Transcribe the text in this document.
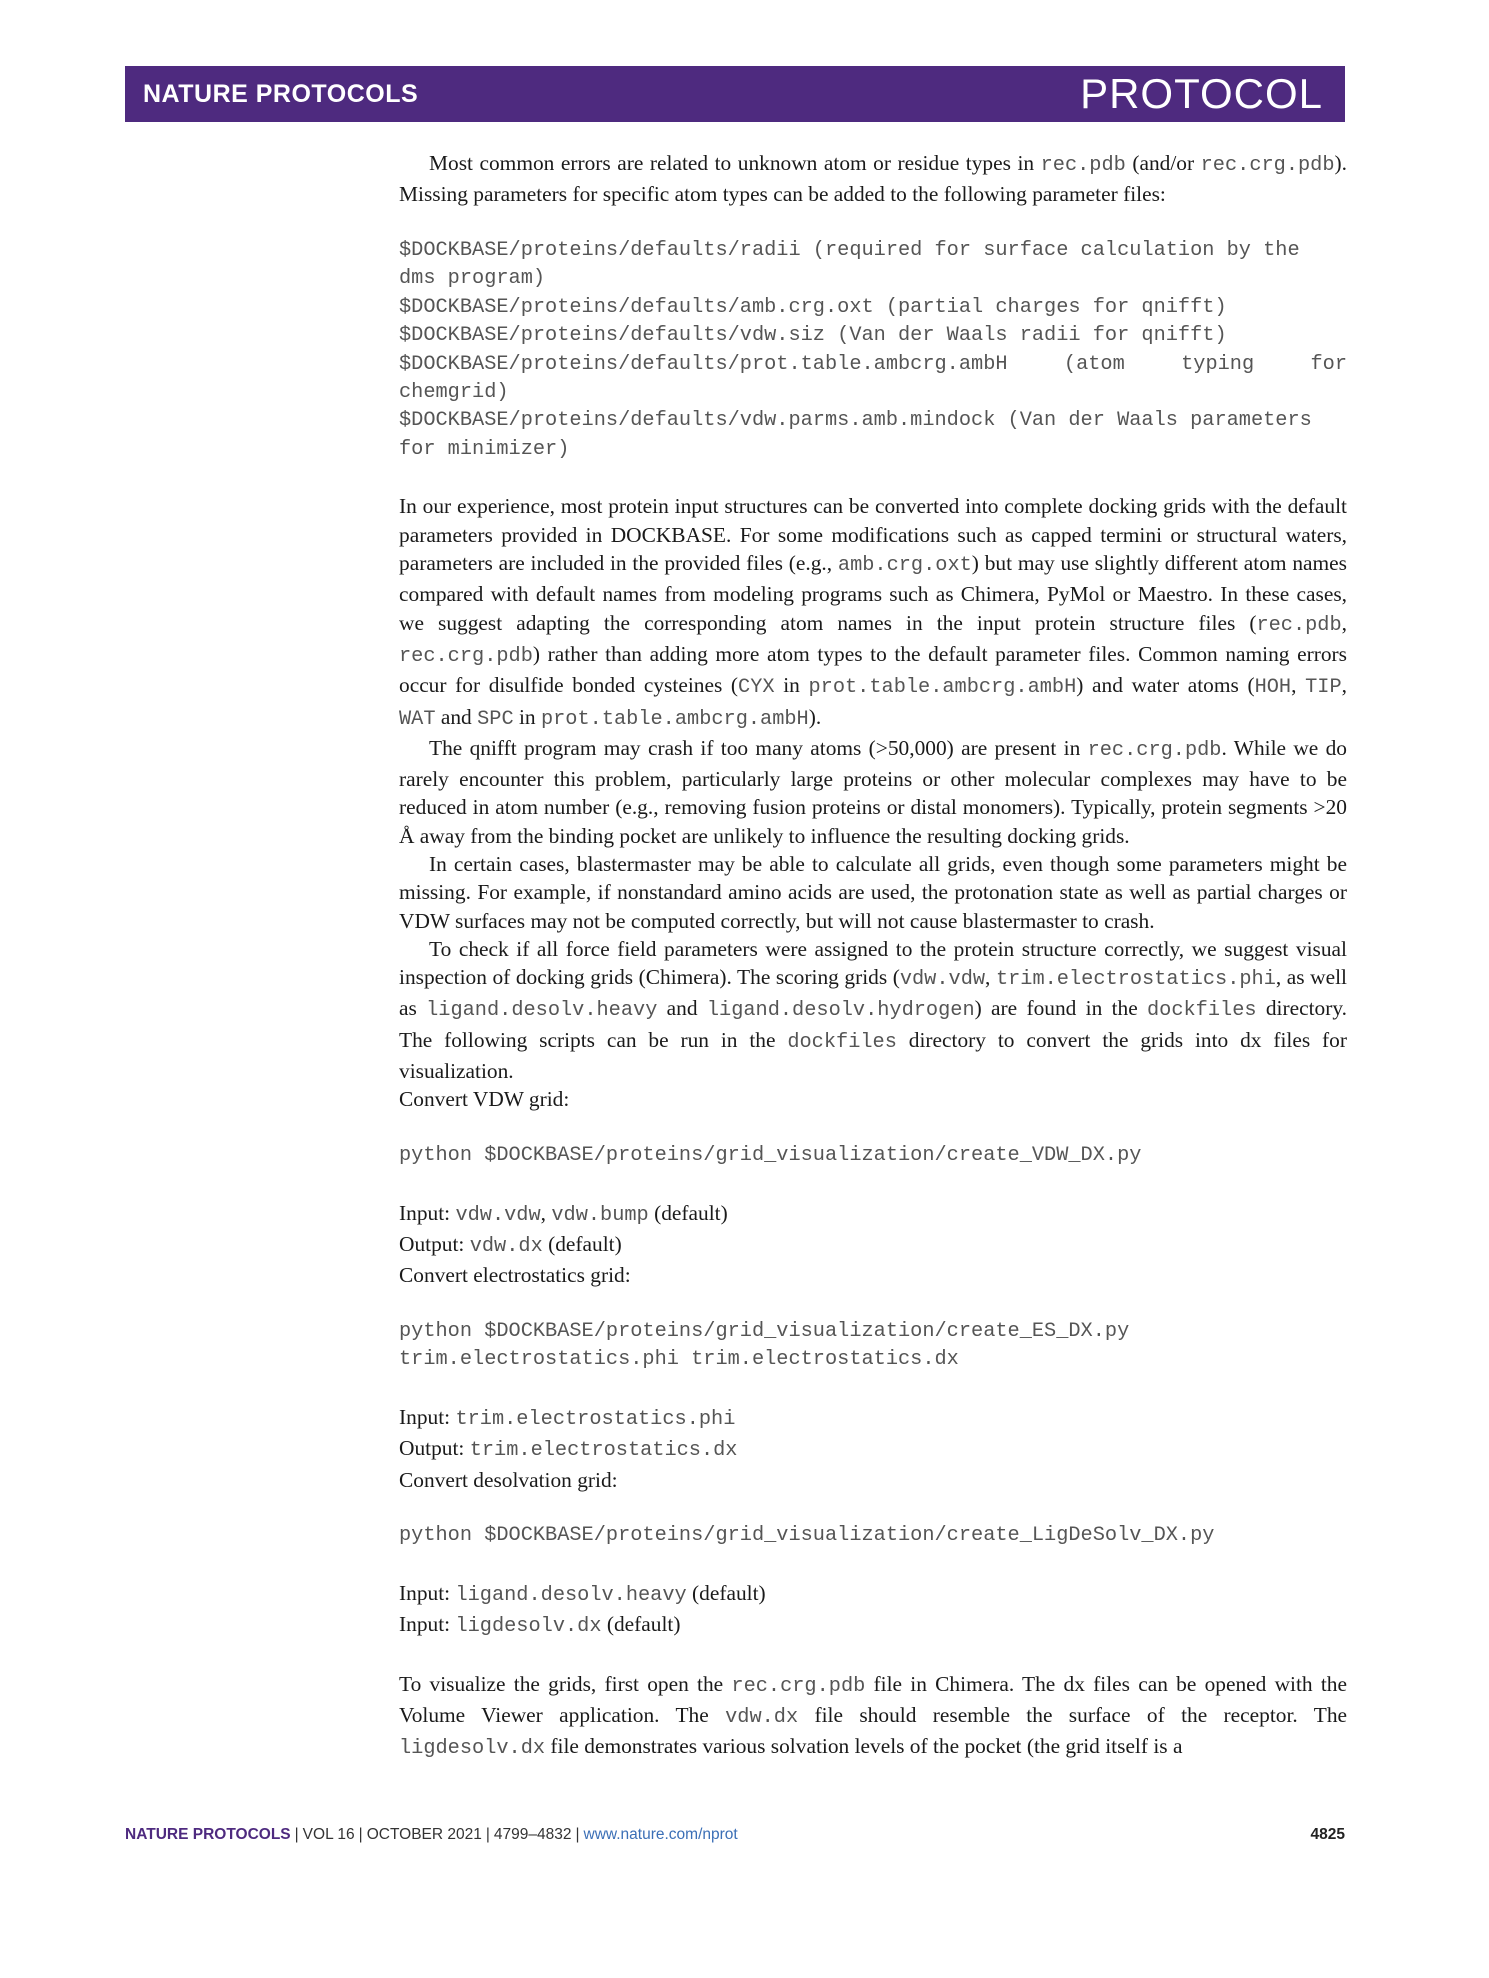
NATURE PROTOCOLS	PROTOCOL

Most common errors are related to unknown atom or residue types in rec.pdb (and/or rec.crg.pdb). Missing parameters for specific atom types can be added to the following parameter files:

$DOCKBASE/proteins/defaults/radii (required for surface calculation by the dms program)
$DOCKBASE/proteins/defaults/amb.crg.oxt (partial charges for qnifft)
$DOCKBASE/proteins/defaults/vdw.siz (Van der Waals radii for qnifft)
$DOCKBASE/proteins/defaults/prot.table.ambcrg.ambH  (atom  typing  for chemgrid)
$DOCKBASE/proteins/defaults/vdw.parms.amb.mindock (Van der Waals parameters for minimizer)

In our experience, most protein input structures can be converted into complete docking grids with the default parameters provided in DOCKBASE. For some modifications such as capped termini or structural waters, parameters are included in the provided files (e.g., amb.crg.oxt) but may use slightly different atom names compared with default names from modeling programs such as Chimera, PyMol or Maestro. In these cases, we suggest adapting the corresponding atom names in the input protein structure files (rec.pdb, rec.crg.pdb) rather than adding more atom types to the default parameter files. Common naming errors occur for disulfide bonded cysteines (CYX in prot.table.ambcrg.ambH) and water atoms (HOH, TIP, WAT and SPC in prot.table.ambcrg.ambH).

The qnifft program may crash if too many atoms (>50,000) are present in rec.crg.pdb. While we do rarely encounter this problem, particularly large proteins or other molecular complexes may have to be reduced in atom number (e.g., removing fusion proteins or distal monomers). Typically, protein segments >20 Å away from the binding pocket are unlikely to influence the resulting docking grids.

In certain cases, blastermaster may be able to calculate all grids, even though some parameters might be missing. For example, if nonstandard amino acids are used, the protonation state as well as partial charges or VDW surfaces may not be computed correctly, but will not cause blastermaster to crash.

To check if all force field parameters were assigned to the protein structure correctly, we suggest visual inspection of docking grids (Chimera). The scoring grids (vdw.vdw, trim.electrostatics.phi, as well as ligand.desolv.heavy and ligand.desolv.hydrogen) are found in the dockfiles directory. The following scripts can be run in the dockfiles directory to convert the grids into dx files for visualization.

Convert VDW grid:

python $DOCKBASE/proteins/grid_visualization/create_VDW_DX.py

Input: vdw.vdw, vdw.bump (default)

Output: vdw.dx (default)

Convert electrostatics grid:

python $DOCKBASE/proteins/grid_visualization/create_ES_DX.py trim.electrostatics.phi trim.electrostatics.dx

Input: trim.electrostatics.phi

Output: trim.electrostatics.dx

Convert desolvation grid:

python $DOCKBASE/proteins/grid_visualization/create_LigDeSolv_DX.py

Input: ligand.desolv.heavy (default)

Input: ligdesolv.dx (default)

To visualize the grids, first open the rec.crg.pdb file in Chimera. The dx files can be opened with the Volume Viewer application. The vdw.dx file should resemble the surface of the receptor. The ligdesolv.dx file demonstrates various solvation levels of the pocket (the grid itself is a

NATURE PROTOCOLS | VOL 16 | OCTOBER 2021 | 4799–4832 | www.nature.com/nprot	4825
